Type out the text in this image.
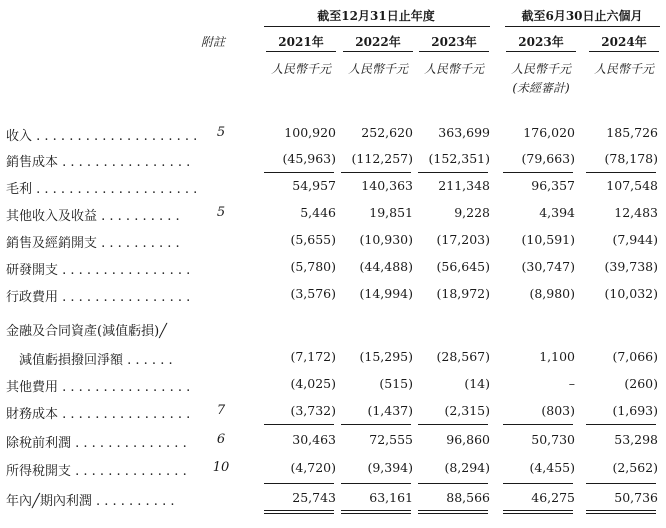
截至12月31日止年度	截至6月30日止六個月
附註	2021年	2022年	2023年	2023年	2024年
人民幣千元	人民幣千元	人民幣千元	人民幣千元	人民幣千元
(未經審計)
收入 . . . . . . . . . . . . . . . . . . . .	5	100,920	252,620	363,699	176,020	185,726
銷售成本 . . . . . . . . . . . . . . . .	(45,963)	(112,257)	(152,351)	(79,663)	(78,178)
毛利 . . . . . . . . . . . . . . . . . . . .	54,957	140,363	211,348	96,357	107,548
其他收入及收益 . . . . . . . . . .	5	5,446	19,851	9,228	4,394	12,483
銷售及經銷開支 . . . . . . . . . .	(5,655)	(10,930)	(17,203)	(10,591)	(7,944)
研發開支 . . . . . . . . . . . . . . . .	(5,780)	(44,488)	(56,645)	(30,747)	(39,738)
行政費用 . . . . . . . . . . . . . . . .	(3,576)	(14,994)	(18,972)	(8,980)	(10,032)
金融及合同資產(減值虧損)╱
　減值虧損撥回淨額 . . . . . .	(7,172)	(15,295)	(28,567)	1,100	(7,066)
其他費用 . . . . . . . . . . . . . . . .	(4,025)	(515)	(14)	–	(260)
財務成本 . . . . . . . . . . . . . . . .	7	(3,732)	(1,437)	(2,315)	(803)	(1,693)
除稅前利潤 . . . . . . . . . . . . . .	6	30,463	72,555	96,860	50,730	53,298
所得稅開支 . . . . . . . . . . . . . . 10	(4,720)	(9,394)	(8,294)	(4,455)	(2,562)
年內╱期內利潤 . . . . . . . . . .	25,743	63,161	88,566	46,275	50,736
